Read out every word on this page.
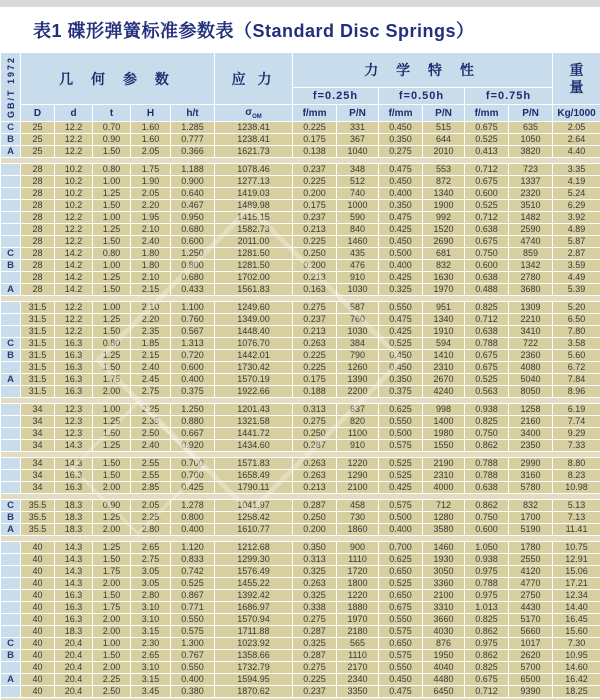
表1 碟形弹簧标准参数表（Standard Disc Springs）
GB/T 1972	几 何 参 数					应 力	力 学 特 性						重
量

							f=0.25h		f=0.50h		f=0.75h		
	D	d	t	H	h/t	$\sigma_{OM}$	f/mm	P/N	f/mm	P/N	f/mm	P/N	Kg/1000
C	25	12.2	0.70	1.60	1.285	1238.41	0.225	331	0.450	515	0.675	635	2.05
B	25	12.2	0.90	1.60	0.777	1238.41	0.175	367	0.350	644	0.525	1050	2.64
A	25	12.2	1.50	2.05	0.366	1621.73	0.138	1040	0.275	2010	0.413	3820	4.40

	28	10.2	0.80	1.75	1.188	1078.46	0.237	348	0.475	553	0.712	723	3.35
	28	10.2	1.00	1.90	0.900	1277.13	0.225	512	0.450	872	0.675	1337	4.19
	28	10.2	1.25	2.05	0.640	1419.03	0.200	740	0.400	1340	0.600	2320	5.24
	28	10.2	1.50	2.20	0.467	1489.98	0.175	1000	0.350	1900	0.525	3510	6.29
	28	12.2	1.00	1.95	0.950	1415.15	0.237	590	0.475	992	0.712	1482	3.92
	28	12.2	1.25	2.10	0.680	1582.73	0.213	840	0.425	1520	0.638	2590	4.89
	28	12.2	1.50	2.40	0.600	2011.00	0.225	1460	0.450	2690	0.675	4740	5.87
C	28	14.2	0.80	1.80	1.250	1281.50	0.250	435	0.500	681	0.750	859	2.87
B	28	14.2	1.00	1.80	0.800	1281.50	0.200	476	0.400	832	0.600	1342	3.59
	28	14.2	1.25	2.10	0.680	1702.00	0.213	910	0.425	1630	0.638	2780	4.49
A	28	14.2	1.50	2.15	0.433	1561.83	0.163	1030	0.325	1970	0.488	3680	5.39

	31.5	12.2	1.00	2.10	1.100	1249.60	0.275	587	0.550	951	0.825	1309	5.20
	31.5	12.2	1.25	2.20	0.760	1349.00	0.237	760	0.475	1340	0.712	2210	6.50
	31.5	12.2	1.50	2.35	0.567	1448.40	0.213	1030	0.425	1910	0.638	3410	7.80
C	31.5	16.3	0.80	1.85	1.313	1076.70	0.263	384	0.525	594	0.788	722	3.58
B	31.5	16.3	1.25	2.15	0.720	1442.01	0.225	790	0.450	1410	0.675	2360	5.60
	31.5	16.3	1.50	2.40	0.600	1730.42	0.225	1260	0.450	2310	0.675	4080	6.72
A	31.5	16.3	1.75	2.45	0.400	1570.19	0.175	1390	0.350	2670	0.525	5040	7.84
	31.5	16.3	2.00	2.75	0.375	1922.66	0.188	2200	0.375	4240	0.563	8050	8.96

	34	12.3	1.00	2.25	1.250	1201.43	0.313	637	0.625	998	0.938	1258	6.19
	34	12.3	1.25	2.35	0.880	1321.58	0.275	820	0.550	1400	0.825	2160	7.74
	34	12.3	1.50	2.50	0.667	1441.72	0.250	1100	0.500	1980	0.750	3400	9.29
	34	14.3	1.25	2.40	0.920	1434.60	0.287	910	0.575	1550	0.862	2350	7.33

	34	14.3	1.50	2.55	0.700	1571.83	0.263	1220	0.525	2190	0.788	2990	8.80
	34	16.3	1.50	2.55	0.700	1658.49	0.263	1290	0.525	2310	0.788	3160	8.23
	34	16.3	2.00	2.85	0.425	1790.11	0.213	2100	0.425	4000	0.638	5780	10.98

C	35.5	18.3	0.90	2.05	1.278	1041.97	0.287	458	0.575	712	0.862	832	5.13
B	35.5	18.3	1.25	2.25	0.800	1258.42	0.250	730	0.500	1280	0.750	1700	7.13
A	35.5	18.3	2.00	2.80	0.400	1610.77	0.200	1860	0.400	3580	0.600	5190	11.41

	40	14.3	1.25	2.65	1.120	1212.68	0.350	900	0.700	1460	1.050	1780	10.75
	40	14.3	1.50	2.75	0.833	1299.30	0.313	1110	0.625	1930	0.938	2550	12.91
	40	14.3	1.75	3.05	0.742	1576.49	0.325	1720	0.650	3050	0.975	4120	15.06
	40	14.3	2.00	3.05	0.525	1455.22	0.263	1800	0.525	3360	0.788	4770	17.21
	40	16.3	1.50	2.80	0.867	1392.42	0.325	1220	0.650	2100	0.975	2750	12.34
	40	16.3	1.75	3.10	0.771	1686.97	0.338	1880	0.675	3310	1.013	4430	14.40
	40	16.3	2.00	3.10	0.550	1570.94	0.275	1970	0.550	3660	0.825	5170	16.45
	40	18.3	2.00	3.15	0.575	1711.88	0.287	2180	0.575	4030	0.862	5660	15.60
C	40	20.4	1.00	2.30	1.300	1023.92	0.325	565	0.650	876	0.975	1017	7.30
B	40	20.4	1.50	2.65	0.767	1358.66	0.287	1110	0.575	1950	0.862	2620	10.95
	40	20.4	2.00	3.10	0.550	1732.79	0.275	2170	0.550	4040	0.825	5700	14.60
A	40	20.4	2.25	3.15	0.400	1594.95	0.225	2340	0.450	4480	0.675	6500	16.42
	40	20.4	2.50	3.45	0.380	1870.62	0.237	3350	0.475	6450	0.712	9390	18.25
